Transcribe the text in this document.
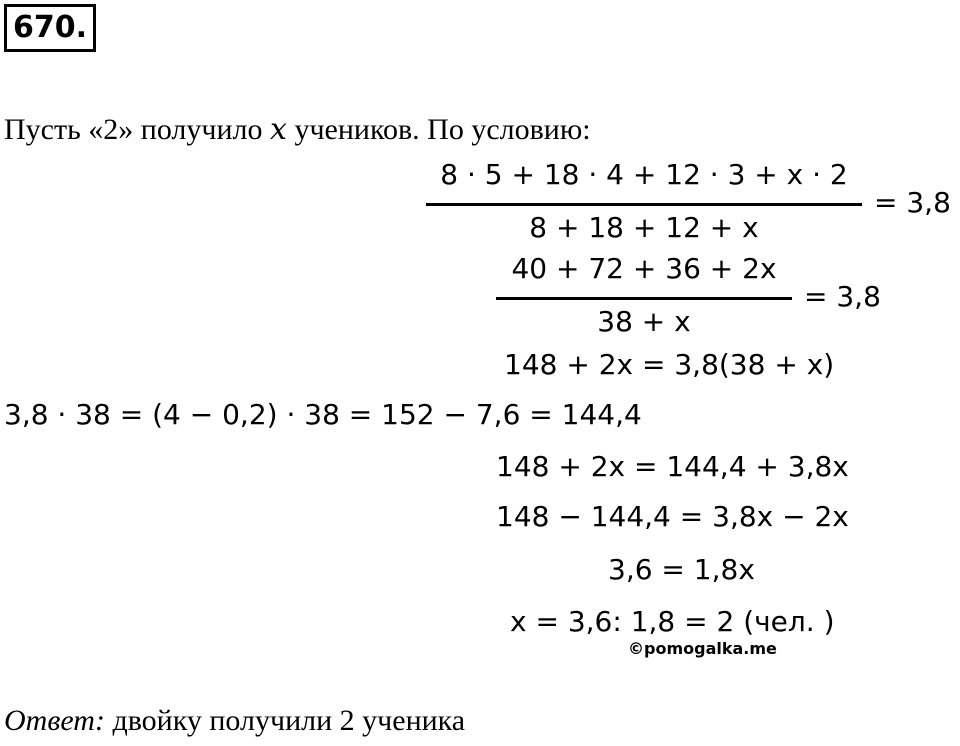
670.
Пусть «2» получило x учеников. По условию:
8 · 5 + 18 · 4 + 12 · 3 + x · 2
8 + 18 + 12 + x
= 3,8
40 + 72 + 36 + 2x
38 + x
= 3,8
148 + 2x = 3,8(38 + x)
3,8 · 38 = (4 − 0,2) · 38 = 152 − 7,6 = 144,4
148 + 2x = 144,4 + 3,8x
148 − 144,4 = 3,8x − 2x
3,6 = 1,8x
x = 3,6: 1,8 = 2 (чел. )
©pomogalka.me
Ответ: двойку получили 2 ученика
